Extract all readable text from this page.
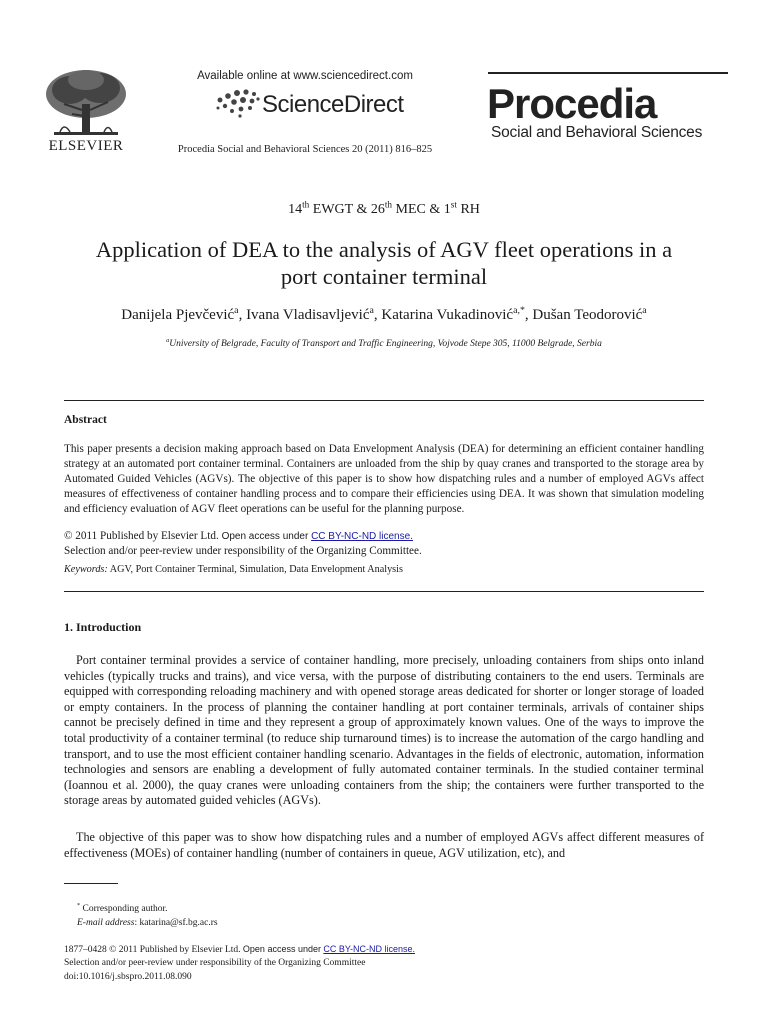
ELSEVIER
Available online at www.sciencedirect.com
ScienceDirect
Procedia Social and Behavioral Sciences 20 (2011) 816–825
Procedia
Social and Behavioral Sciences
14th EWGT & 26th MEC & 1st RH
Application of DEA to the analysis of AGV fleet operations in a
port container terminal
Danijela Pjevčević$^a$, Ivana Vladisavljević$^a$, Katarina Vukadinović$^{a,*}$, Dušan Teodorović$^a$
$^a$University of Belgrade, Faculty of Transport and Traffic Engineering, Vojvode Stepe 305, 11000 Belgrade, Serbia
Abstract
This paper presents a decision making approach based on Data Envelopment Analysis (DEA) for determining an efficient container handling strategy at an automated port container terminal. Containers are unloaded from the ship by quay cranes and transported to the storage area by Automated Guided Vehicles (AGVs). The objective of this paper is to show how dispatching rules and a number of employed AGVs affect measures of effectiveness of container handling process and to compare their efficiencies using DEA. It was shown that simulation modeling and efficiency evaluation of AGV fleet operations can be useful for the planning purpose.
© 2011 Published by Elsevier Ltd. Open access under CC BY-NC-ND license.
Selection and/or peer-review under responsibility of the Organizing Committee.
Keywords: AGV, Port Container Terminal, Simulation, Data Envelopment Analysis
1. Introduction
Port container terminal provides a service of container handling, more precisely, unloading containers from ships onto inland vehicles (typically trucks and trains), and vice versa, with the purpose of distributing containers to the end users. Terminals are equipped with corresponding reloading machinery and with opened storage areas dedicated for shorter or longer storage of loaded or empty containers. In the process of planning the container handling at port container terminals, arrivals of container ships cannot be precisely defined in time and they represent a group of approximately known values. One of the ways to improve the total productivity of a container terminal (to reduce ship turnaround times) is to increase the automation of the cargo handling and transport, and to use the most efficient container handling scenario. Advantages in the fields of electronic, automation, information technologies and sensors are enabling a development of fully automated container terminals. In the studied container terminal (Ioannou et al. 2000), the quay cranes were unloading containers from the ship; the containers were further transported to the storage areas by automated guided vehicles (AGVs).
The objective of this paper was to show how dispatching rules and a number of employed AGVs affect different measures of effectiveness (MOEs) of container handling (number of containers in queue, AGV utilization, etc), and
* Corresponding author.
E-mail address: katarina@sf.bg.ac.rs
1877–0428 © 2011 Published by Elsevier Ltd. Open access under CC BY-NC-ND license.
Selection and/or peer-review under responsibility of the Organizing Committee
doi:10.1016/j.sbspro.2011.08.090
